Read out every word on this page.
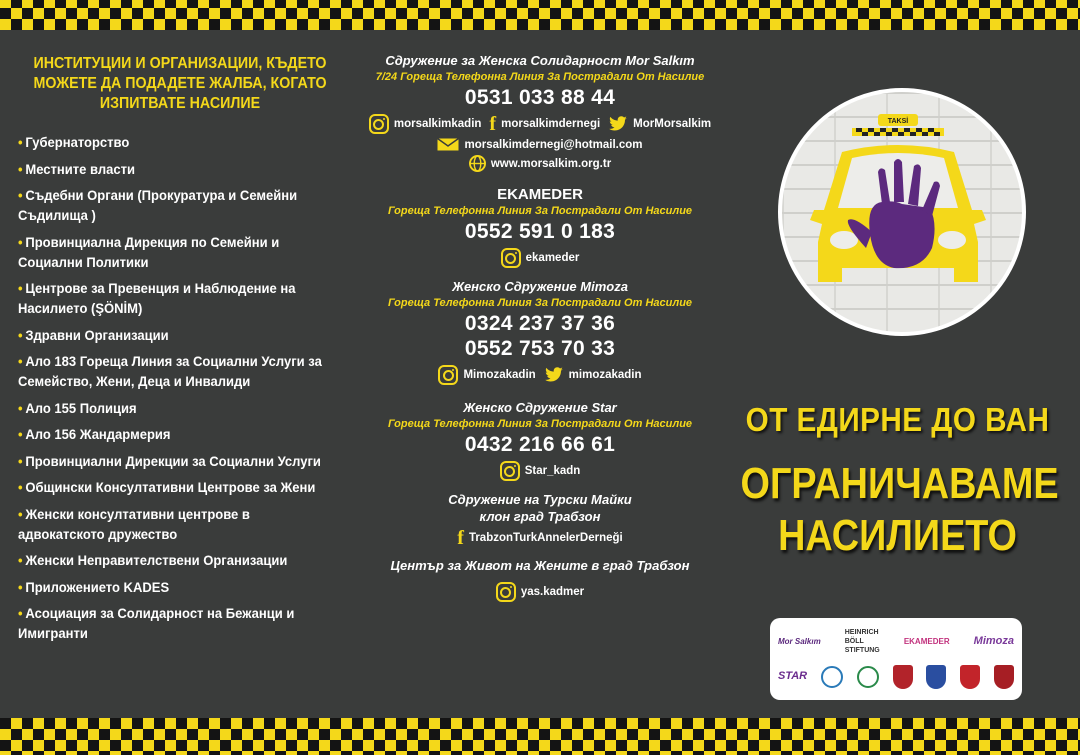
ИНСТИТУЦИИ И ОРГАНИЗАЦИИ, КЪДЕТО МОЖЕТЕ ДА ПОДАДЕТЕ ЖАЛБА, КОГАТО ИЗПИТВАТЕ НАСИЛИЕ
• Губернаторство
• Местните власти
• Съдебни Органи (Прокуратура и Семейни
Съдилища )
• Провинциална Дирекция по Семейни и
Социални Политики
• Центрове за Превенция и Наблюдение на
Насилието (ŞÖNİM)
• Здравни Организации
• Ало 183 Гореща Линия за Социални Услуги за
Семейство, Жени, Деца и Инвалиди
• Ало 155 Полиция
• Ало 156 Жандармерия
• Провинциални Дирекции за Социални Услуги
• Общински Консултативни Центрове за Жени
• Женски консултативни центрове в
адвокатското дружество
• Женски Неправителствени Организации
• Приложението KADES
• Асоциация за Солидарност на Бежанци и
Имигранти
Сдружение за Женска Солидарност Mor Salkım
7/24 Гореща Телефонна Линия За Пострадали От Насилие
0531 033 88 44
morsalkimkadin f morsalkimdernegi	MorMorsalkim
morsalkimdernegi@hotmail.com
www.morsalkim.org.tr
EKAMEDER
Гореща Телефонна Линия За Пострадали От Насилие
0552 591 0 183
ekameder
Женско Сдружение Mimoza
Гореща Телефонна Линия За Пострадали От Насилие
0324 237 37 36
0552 753 70 33
Mimozakadin	mimozakadin
Женско Сдружение Star
Гореща Телефонна Линия За Пострадали От Насилие
0432 216 66 61
Star_kadn
Сдружение на Турски Майки
клон град Трабзон
f TrabzonTurkAnnelerDerneği
Център за Живот на Жените в град Трабзон
yas.kadmer
TAKSİ
ОТ ЕДИРНЕ ДО ВАН
ОГРАНИЧАВАМЕ
НАСИЛИЕТО
Mor Salkım
HEINRICH
BÖLL
STIFTUNG
EKAMEDER Mimoza
STAR
